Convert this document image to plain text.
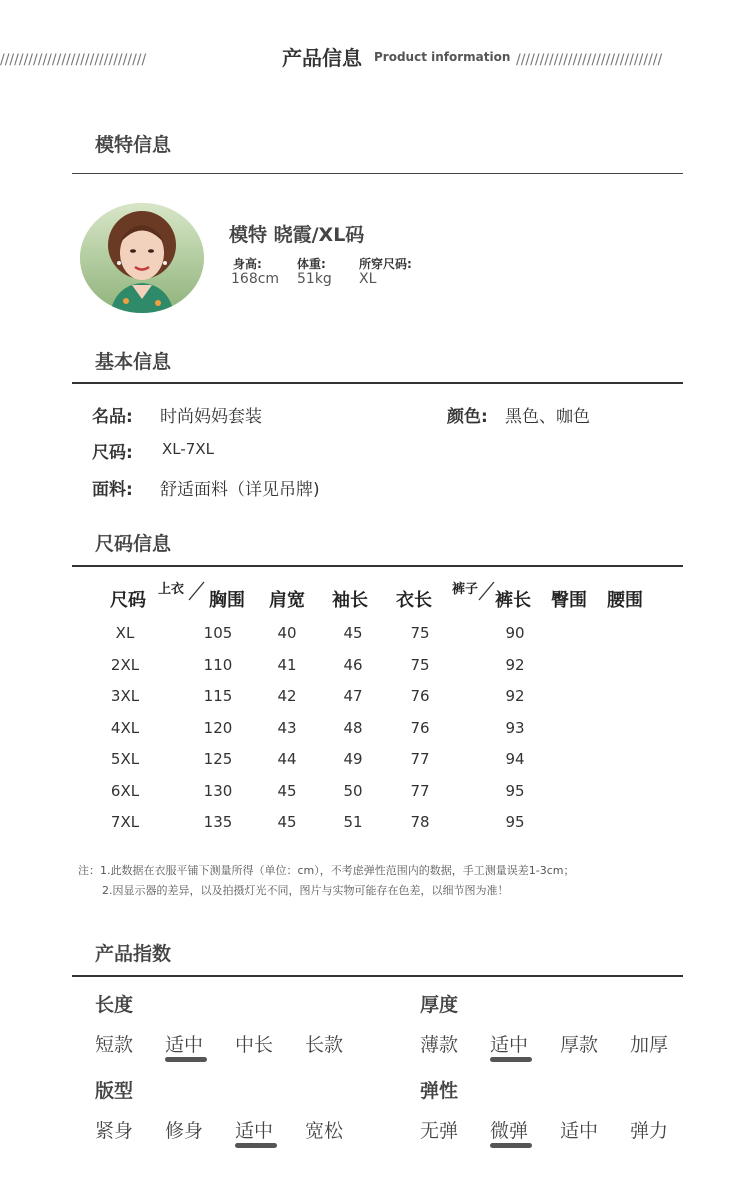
///////////////////////////////	产品信息 Product information ///////////////////////////////
模特信息
模特 晓霞/XL码
身高:
168cm
体重:
51kg
所穿尺码:
XL
基本信息
名品: 时尚妈妈套装	颜色: 黑色、咖色
尺码: XL-7XL
面料: 舒适面料（详见吊牌)
尺码信息
尺码
上衣
胸围 肩宽 袖长 衣长
裤子
裤长 臀围 腰围
XL	105	40	45	75	90
2XL	110	41	46	75	92
3XL	115	42	47	76	92
4XL	120	43	48	76	93
5XL	125	44	49	77	94
6XL	130	45	50	77	95
7XL	135	45	51	78	95
注：1.此数据在衣服平铺下测量所得（单位：cm），不考虑弹性范围内的数据，手工测量误差1-3cm；
2.因显示器的差异，以及拍摄灯光不同，图片与实物可能存在色差，以细节图为准！
产品指数
长度
短款 适中 中长 长款
厚度
薄款 适中 厚款 加厚
版型
紧身 修身 适中 宽松
弹性
无弹 微弹 适中 弹力
